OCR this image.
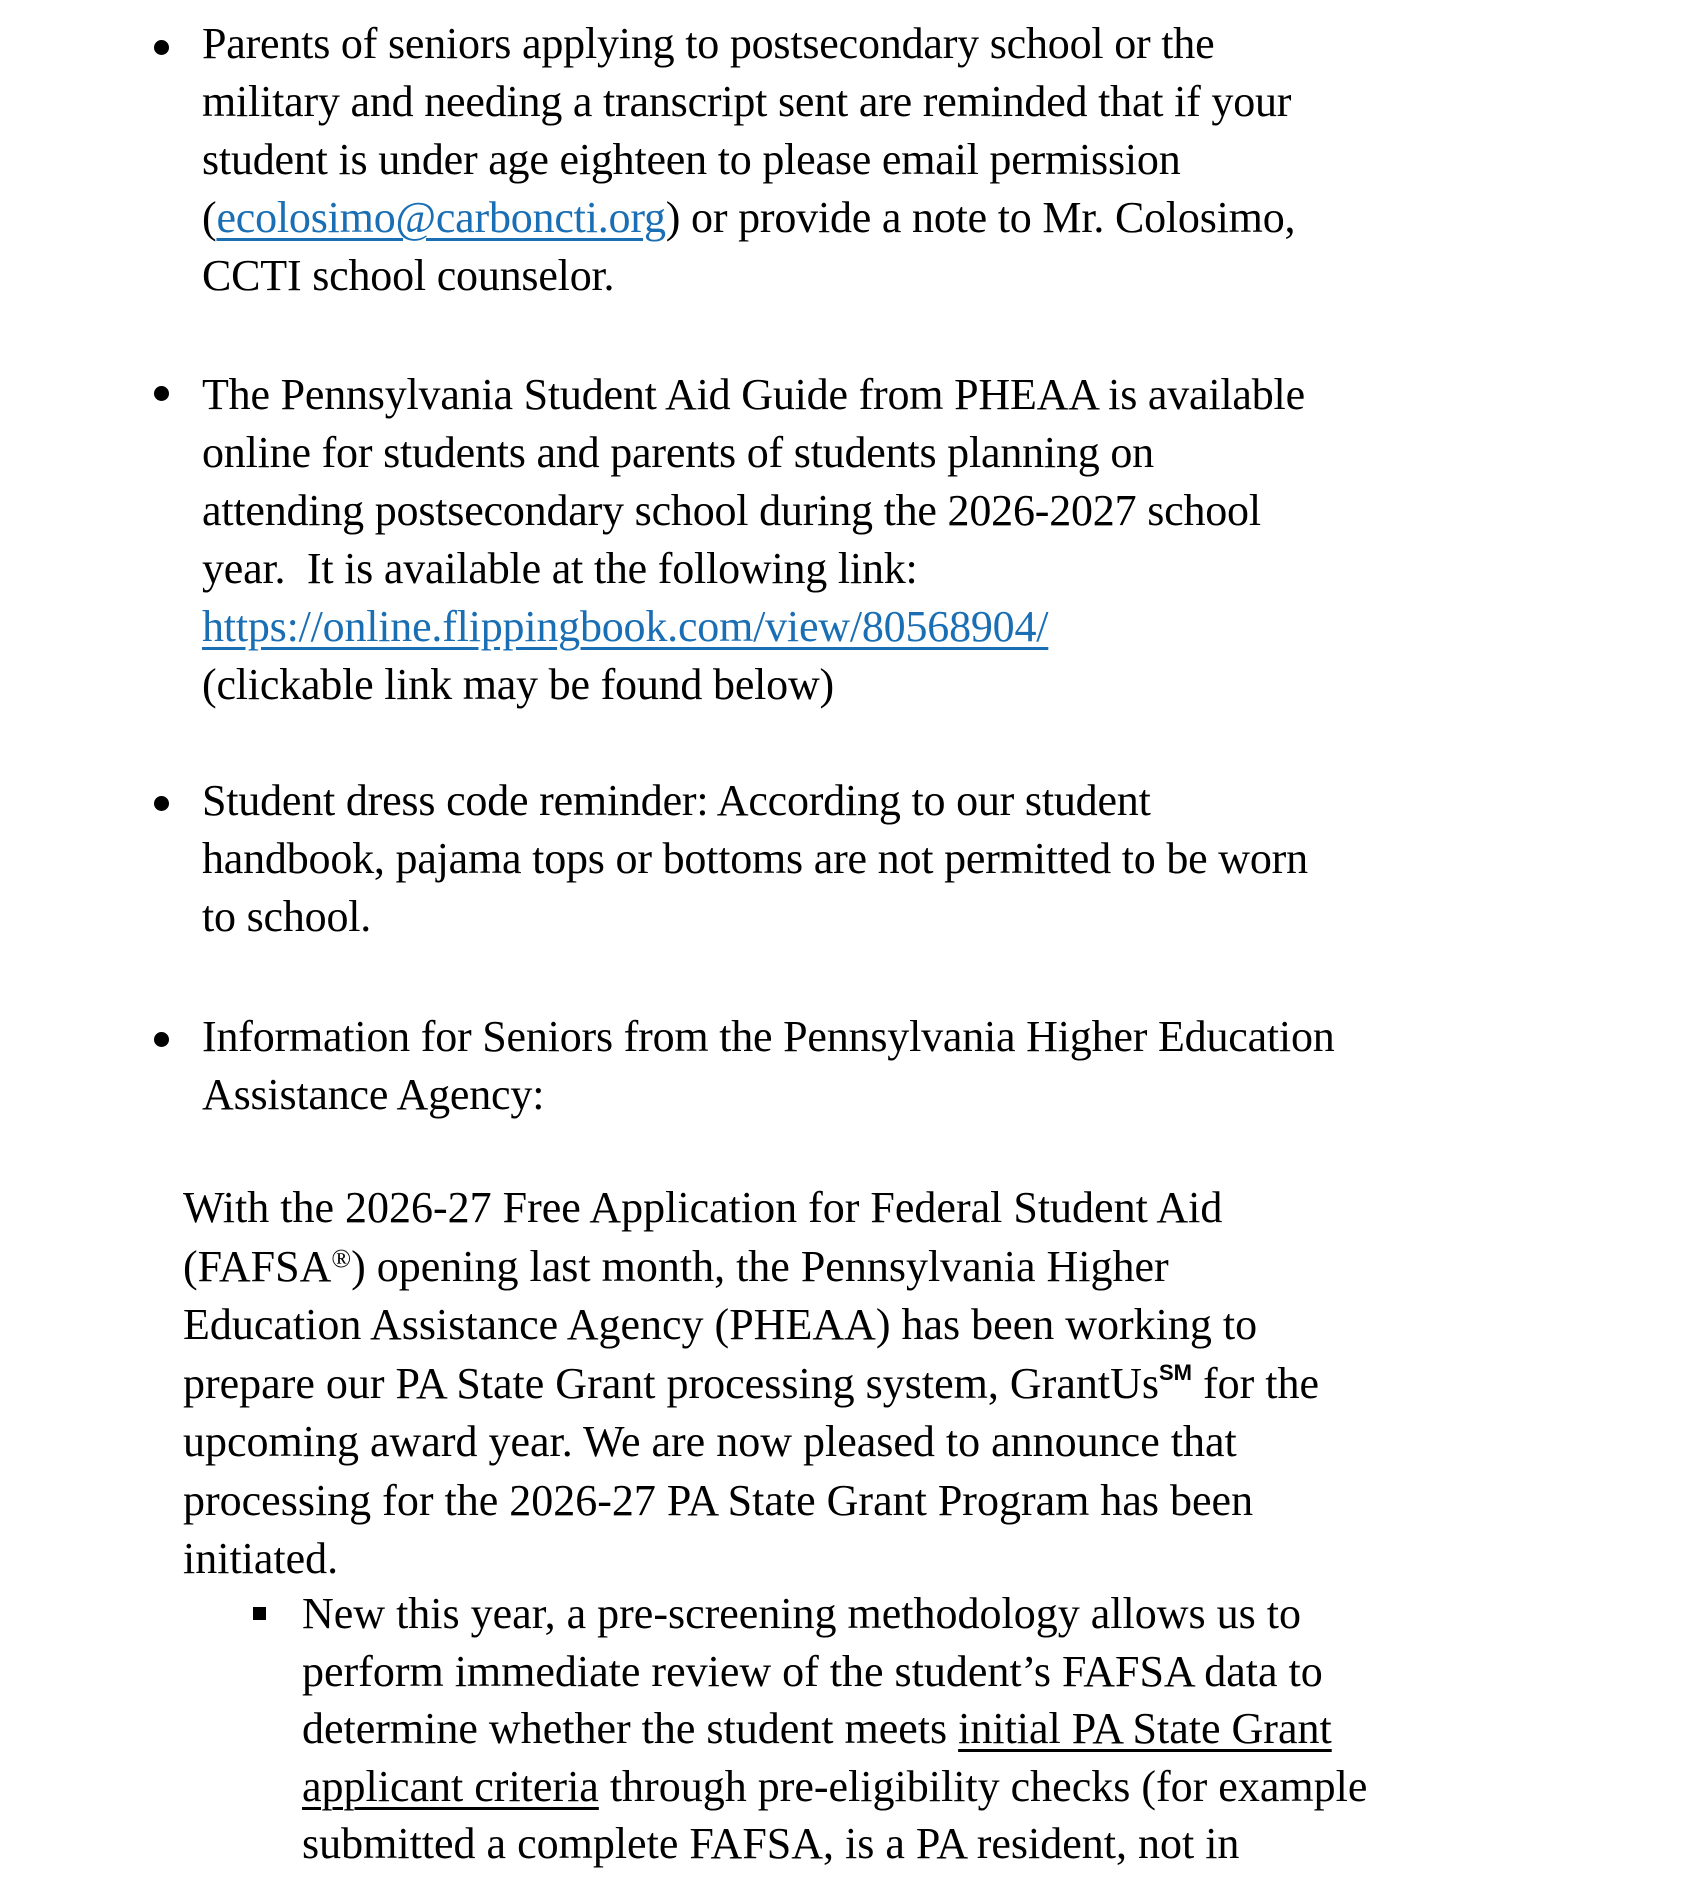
Parents of seniors applying to postsecondary school or the
military and needing a transcript sent are reminded that if your
student is under age eighteen to please email permission
(ecolosimo@carboncti.org) or provide a note to Mr. Colosimo,
CCTI school counselor.
The Pennsylvania Student Aid Guide from PHEAA is available
online for students and parents of students planning on
attending postsecondary school during the 2026-2027 school
year.  It is available at the following link:
https://online.flippingbook.com/view/80568904/
(clickable link may be found below)
Student dress code reminder: According to our student
handbook, pajama tops or bottoms are not permitted to be worn
to school.
Information for Seniors from the Pennsylvania Higher Education
Assistance Agency:
With the 2026-27 Free Application for Federal Student Aid
(FAFSA®) opening last month, the Pennsylvania Higher
Education Assistance Agency (PHEAA) has been working to
prepare our PA State Grant processing system, GrantUs℠ for the
upcoming award year. We are now pleased to announce that
processing for the 2026-27 PA State Grant Program has been
initiated.
New this year, a pre-screening methodology allows us to
perform immediate review of the student’s FAFSA data to
determine whether the student meets initial PA State Grant
applicant criteria through pre-eligibility checks (for example
submitted a complete FAFSA, is a PA resident, not in
